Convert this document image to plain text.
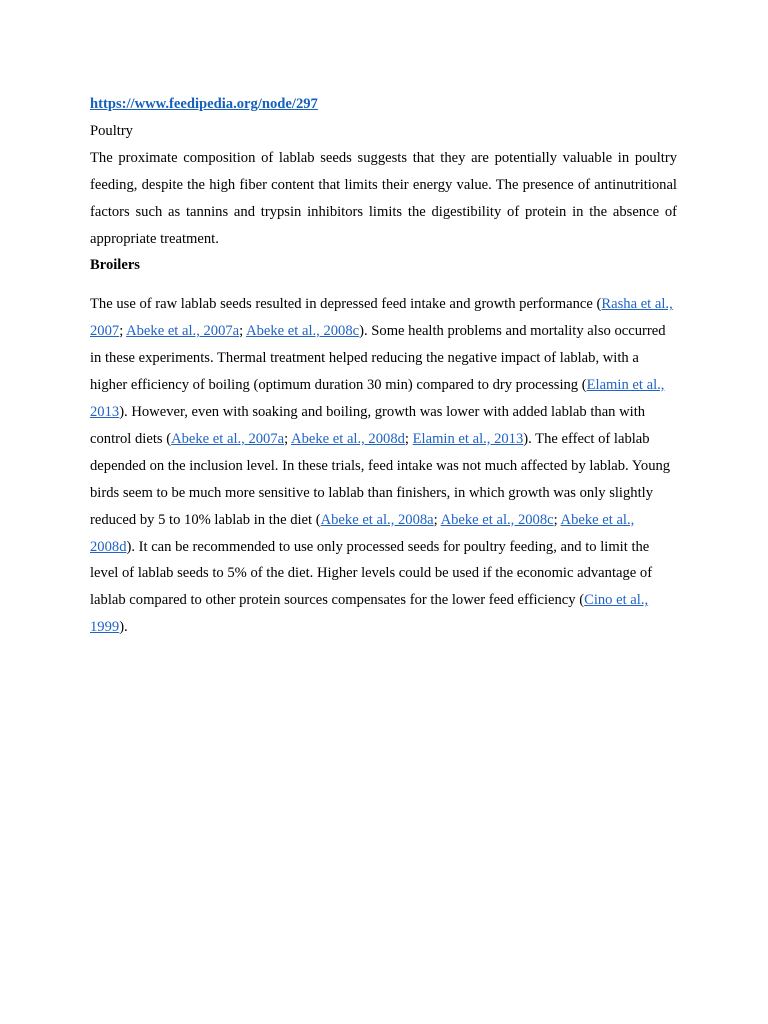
https://www.feedipedia.org/node/297
Poultry

The proximate composition of lablab seeds suggests that they are potentially valuable in poultry feeding, despite the high fiber content that limits their energy value. The presence of antinutritional factors such as tannins and trypsin inhibitors limits the digestibility of protein in the absence of appropriate treatment.

Broilers

The use of raw lablab seeds resulted in depressed feed intake and growth performance (Rasha et al., 2007; Abeke et al., 2007a; Abeke et al., 2008c). Some health problems and mortality also occurred in these experiments. Thermal treatment helped reducing the negative impact of lablab, with a higher efficiency of boiling (optimum duration 30 min) compared to dry processing (Elamin et al., 2013). However, even with soaking and boiling, growth was lower with added lablab than with control diets (Abeke et al., 2007a; Abeke et al., 2008d; Elamin et al., 2013). The effect of lablab depended on the inclusion level. In these trials, feed intake was not much affected by lablab. Young birds seem to be much more sensitive to lablab than finishers, in which growth was only slightly reduced by 5 to 10% lablab in the diet (Abeke et al., 2008a; Abeke et al., 2008c; Abeke et al., 2008d). It can be recommended to use only processed seeds for poultry feeding, and to limit the level of lablab seeds to 5% of the diet. Higher levels could be used if the economic advantage of lablab compared to other protein sources compensates for the lower feed efficiency (Cino et al., 1999).
